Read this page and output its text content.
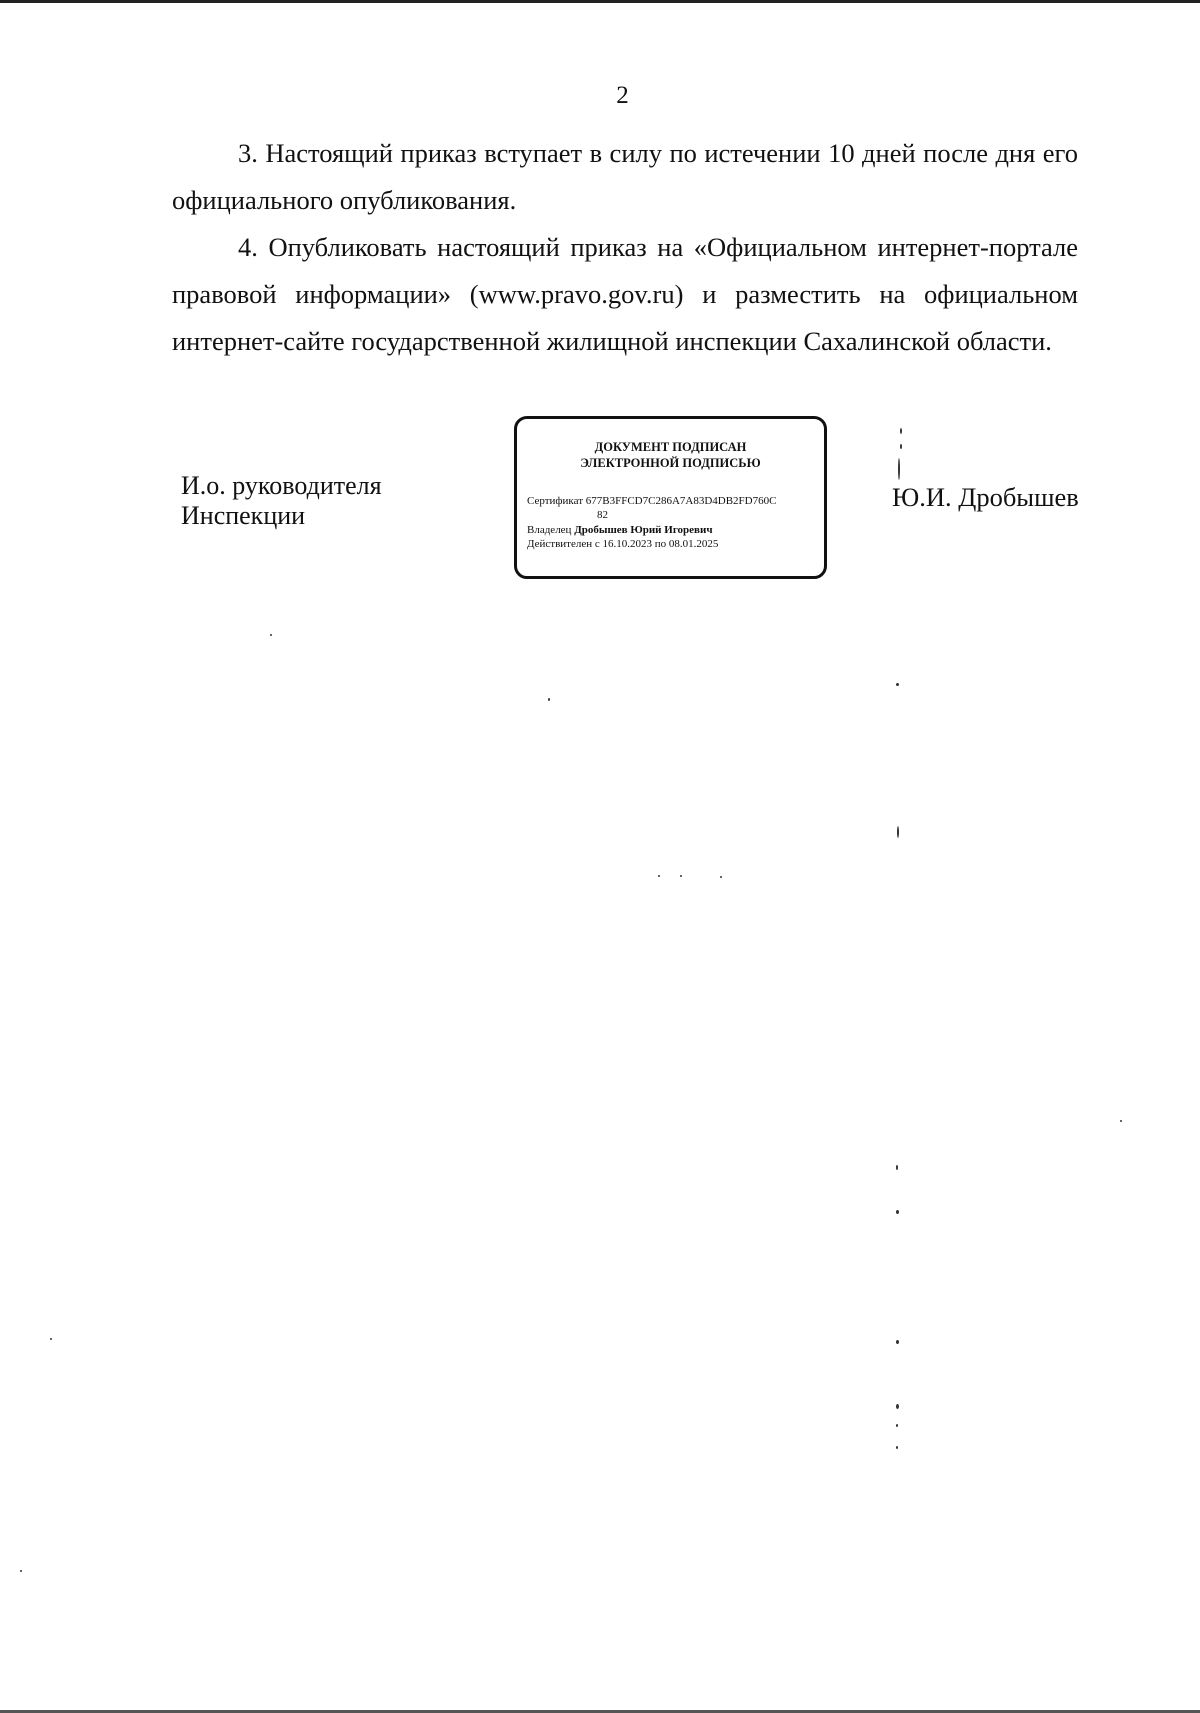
2

3. Настоящий приказ вступает в силу по истечении 10 дней после дня его официального опубликования.

4. Опубликовать настоящий приказ на «Официальном интернет-портале правовой информации» (www.pravo.gov.ru) и разместить на официальном интернет-сайте государственной жилищной инспекции Сахалинской области.

И.о. руководителя
Инспекции
ДОКУМЕНТ ПОДПИСАН
ЭЛЕКТРОННОЙ ПОДПИСЬЮ
Сертификат 677B3FFCD7C286A7A83D4DB2FD760C
82
Владелец Дробышев Юрий Игоревич
Действителен с 16.10.2023 по 08.01.2025
Ю.И. Дробышев
